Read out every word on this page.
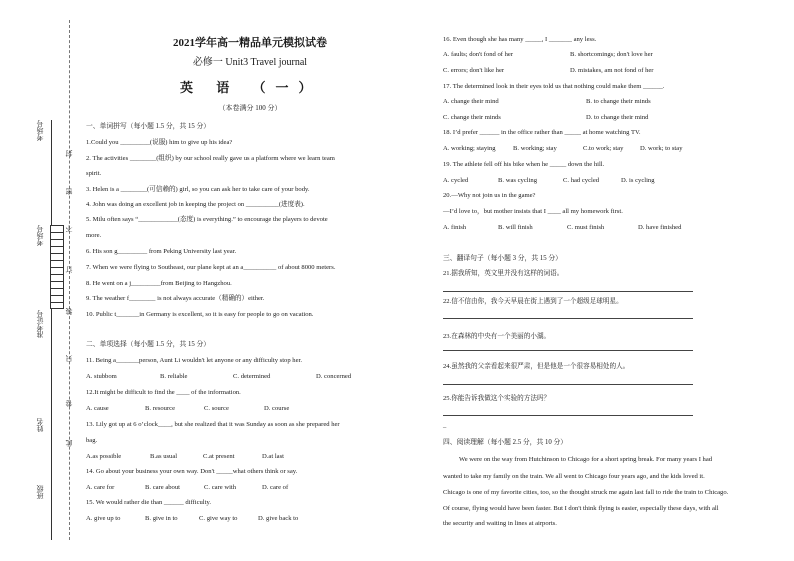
封
密
不
订
装
只
卷
此
考场号
考场号
准考证号
姓名
班级
2021学年高一精品单元模拟试卷
必修一 Unit3 Travel journal
英 语 （一）
（本卷满分 100 分）
一、单词拼写（每小题 1.5 分，共 15 分）
1.Could you _________(说服) him to give up his idea?
2. The activities ________(组织) by our school really gave us a platform where we learn team
spirit.
3. Helen is a ________(可信赖的) girl, so you can ask her to take care of your body.
4. John was doing an excellent job in keeping the project on __________(进度表).
5. Milu often says “____________(态度) is everything.” to encourage the players to devote
more.
6. His son g_________ from Peking University last year.
7. When we were flying to Southeast, our plane kept at an a__________ of about 8000 meters.
8. He went on a j_________from Beijing to Hangzhou.
9. The weather f________ is not always accurate（精确的）either.
10. Public t_______in Germany is excellent, so it is easy for people to go on vacation.
二、单项选择（每小题 1.5 分，共 15 分）
11. Being a_______person, Aunt Li wouldn't let anyone or any difficulty stop her.
A. stubbom	B. reliable	C. determined	D. concerned
12.It might be difficult to find the ____ of the information.
A. cause	B. resource	C. source	D. course
13. Lily got up at 6 o’clock____, but she realized that it was Sunday as soon as she prepared her
bag.
A.as possible	B.as usual	C.at present	D.at last
14. Go about your business your own way. Don't _____what others think or say.
A. care for	B. care about	C. care with	D. care of
15. We would rather die than ______ difficulty.
A. give up to	B. give in to	C. give way to	D. give back to
16. Even though she has many _____, I _______ any less.
A. faults; don't fond of her	B. shortcomings; don't love her
C. errors; don't like her	D. mistakes, am not fond of her
17. The determined look in their eyes told us that nothing could make them ______.
A. change their mind	B. to change their minds
C. change their minds	D. to change their mind
18. I’d prefer ______ in the office rather than _____ at home watching TV.
A. working; staying	B. working; stay	C.to work; stay	D. work; to stay
19. The athlete fell off his bike when he _____ down the hill.
A. cycled	B. was cycling	C. had cycled	D. is cycling
20.—Why not join us in the game?
—I’d love to，but mother insists that I ____ all my homework first.
A. finish	B. will finish	C. must finish	D. have finished
三、翻译句子（每小题 3 分，共 15 分）
21.据我所知，英文里并没有这样的词语。
22.信不信由你，我今天早晨在街上遇到了一个超级足球明星。
23.在森林的中央有一个美丽的小湖。
24.虽然我的父亲看起来很严肃，但是他是一个很容易相处的人。
25.你能告诉我做这个实验的方法吗？
_
四、阅读理解（每小题 2.5 分，共 10 分）
We were on the way from Hutchinson to Chicago for a short spring break. For many years I had
wanted to take my family on the train. We all went to Chicago four years ago, and the kids loved it.
Chicago is one of my favorite cities, too, so the thought struck me again last fall to ride the train to Chicago.
Of course, flying would have been faster. But I don't think flying is easier, especially these days, with all
the security and waiting in lines at airports.
